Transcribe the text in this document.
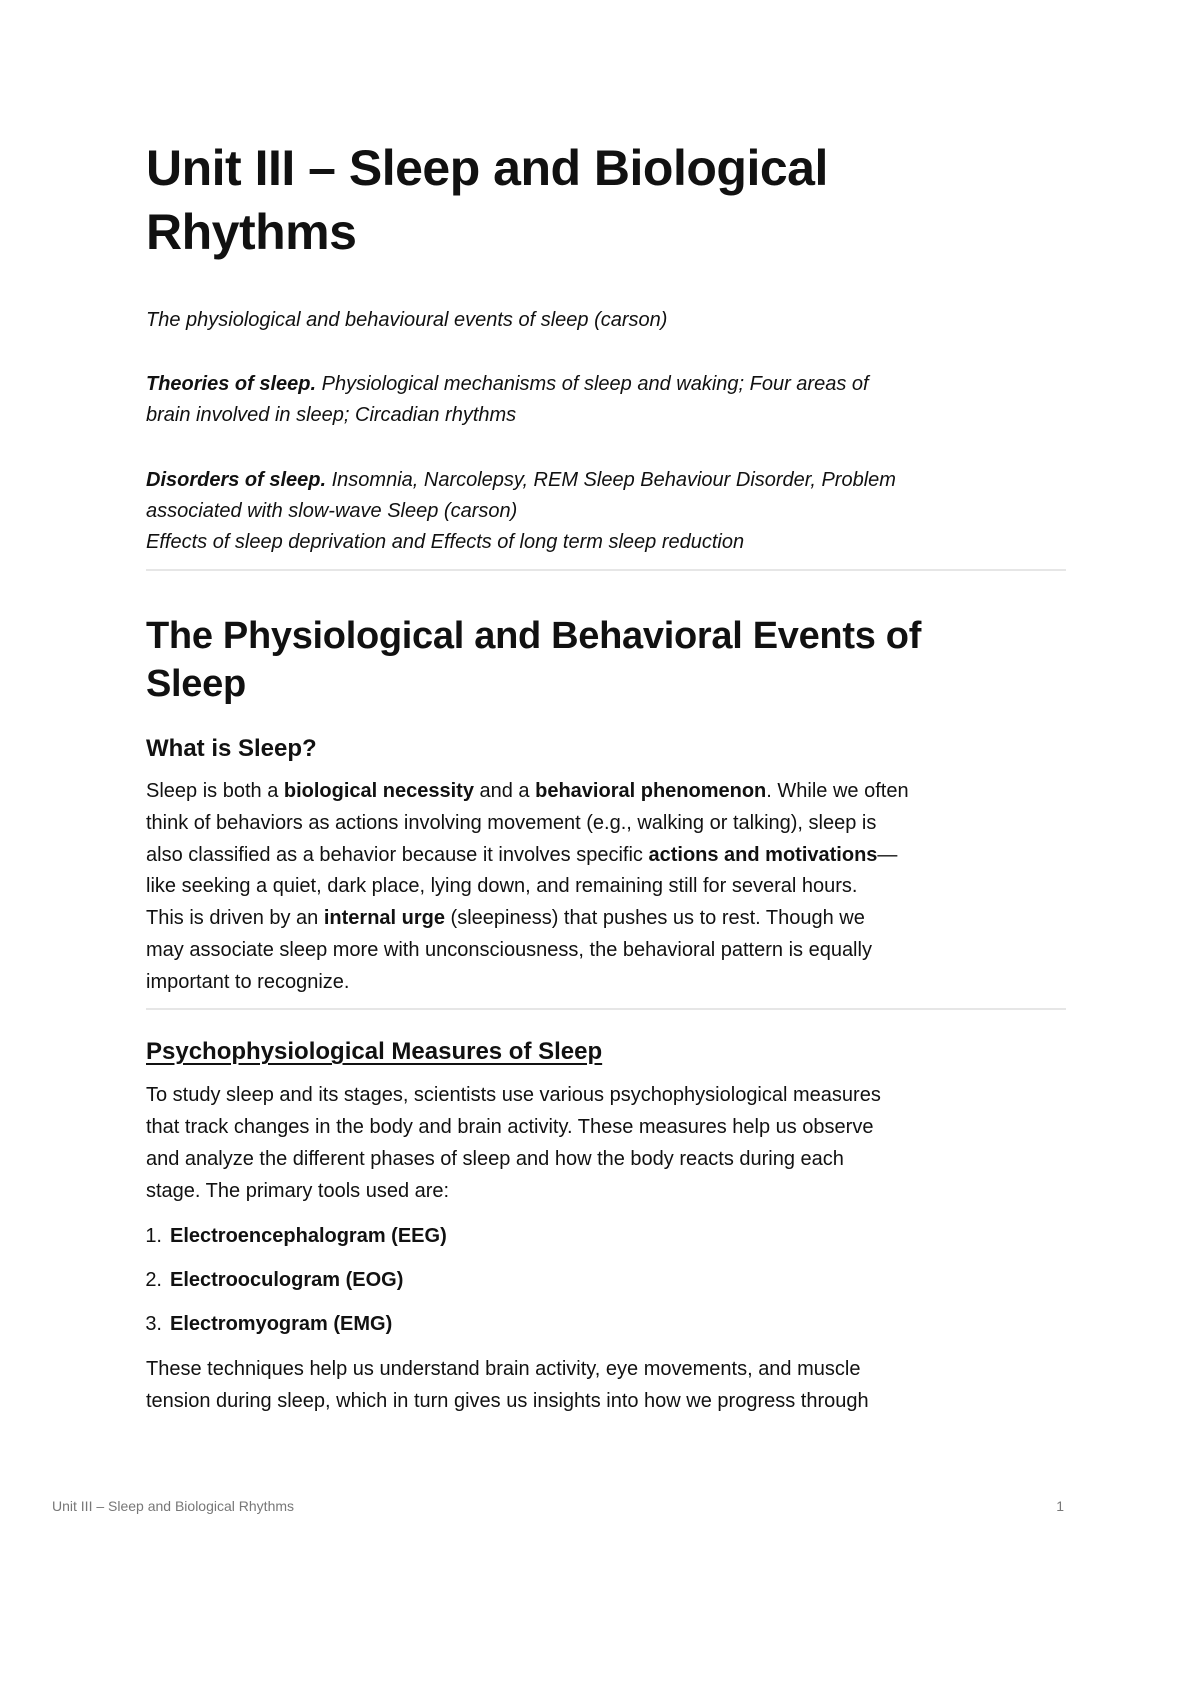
Unit III – Sleep and Biological
Rhythms
The physiological and behavioural events of sleep (carson)
Theories of sleep. Physiological mechanisms of sleep and waking; Four areas of
brain involved in sleep; Circadian rhythms
Disorders of sleep. Insomnia, Narcolepsy, REM Sleep Behaviour Disorder, Problem
associated with slow-wave Sleep (carson)
Effects of sleep deprivation and Effects of long term sleep reduction
The Physiological and Behavioral Events of
Sleep
What is Sleep?
Sleep is both a biological necessity and a behavioral phenomenon. While we often
think of behaviors as actions involving movement (e.g., walking or talking), sleep is
also classified as a behavior because it involves specific actions and motivations—
like seeking a quiet, dark place, lying down, and remaining still for several hours.
This is driven by an internal urge (sleepiness) that pushes us to rest. Though we
may associate sleep more with unconsciousness, the behavioral pattern is equally
important to recognize.
Psychophysiological Measures of Sleep
To study sleep and its stages, scientists use various psychophysiological measures
that track changes in the body and brain activity. These measures help us observe
and analyze the different phases of sleep and how the body reacts during each
stage. The primary tools used are:
1. Electroencephalogram (EEG)
2. Electrooculogram (EOG)
3. Electromyogram (EMG)
These techniques help us understand brain activity, eye movements, and muscle
tension during sleep, which in turn gives us insights into how we progress through
Unit III – Sleep and Biological Rhythms	1
